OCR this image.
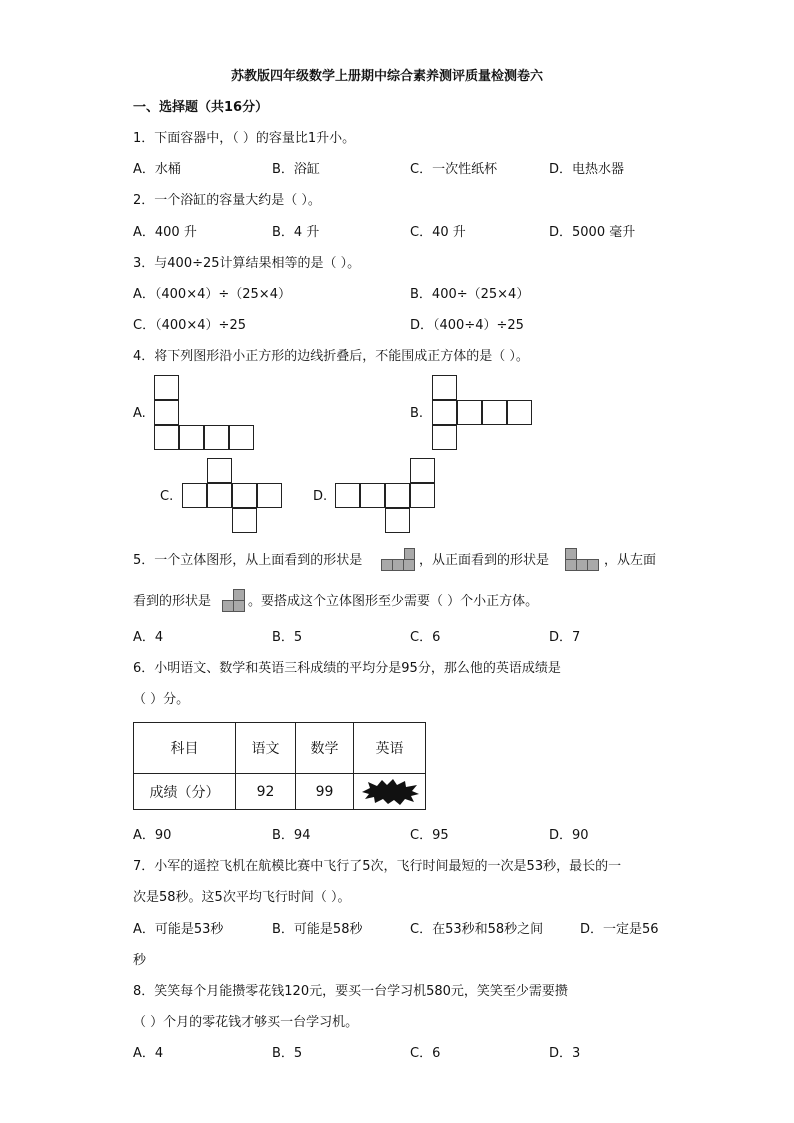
苏教版四年级数学上册期中综合素养测评质量检测卷六
一、选择题（共16分）
1．下面容器中，（ ）的容量比1升小。
A．水桶	B．浴缸	C．一次性纸杯	D．电热水器
2．一个浴缸的容量大约是（ ）。
A．400 升	B．4 升	C．40 升	D．5000 毫升
3．与400÷25计算结果相等的是（ ）。
A．（400×4）÷（25×4）	B．400÷（25×4）
C．（400×4）÷25	D．（400÷4）÷25
4．将下列图形沿小正方形的边线折叠后，不能围成正方体的是（ ）。
A.	B.
C.	D.
5．一个立体图形，从上面看到的形状是	，从正面看到的形状是	，从左面
看到的形状是	。要搭成这个立体图形至少需要（ ）个小正方体。
A．4	B．5	C．6	D．7
6．小明语文、数学和英语三科成绩的平均分是95分，那么他的英语成绩是
（ ）分。
科目	语文	数学	英语
成绩（分）	92	99	
A．90	B．94	C．95	D．90
7．小军的遥控飞机在航模比赛中飞行了5次，飞行时间最短的一次是53秒，最长的一
次是58秒。这5次平均飞行时间（ ）。
A．可能是53秒	B．可能是58秒	C．在53秒和58秒之间	D．一定是56
秒
8．笑笑每个月能攒零花钱120元，要买一台学习机580元，笑笑至少需要攒
（ ）个月的零花钱才够买一台学习机。
A．4	B．5	C．6	D．3
